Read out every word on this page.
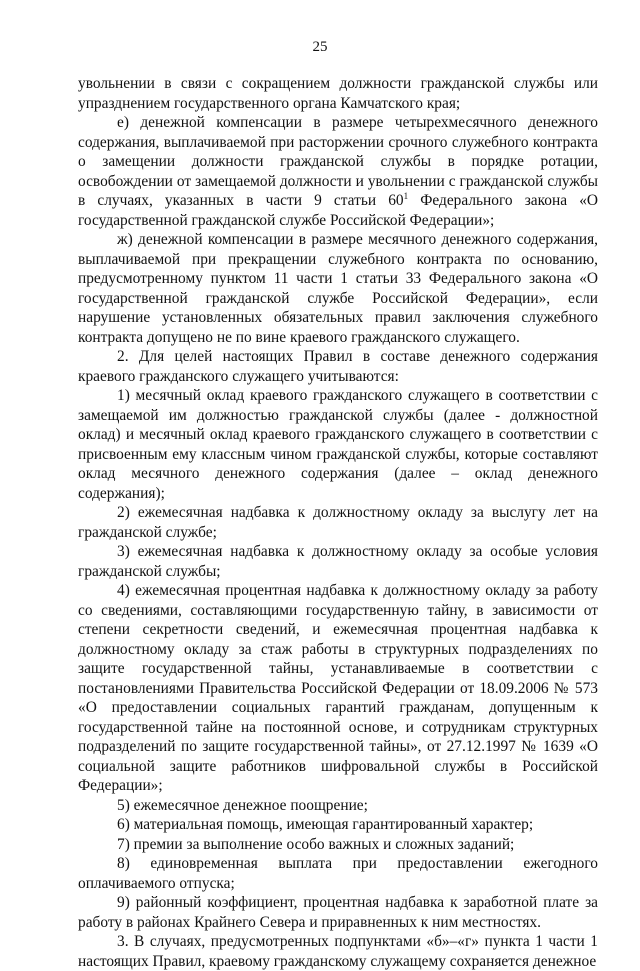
25

увольнении в связи с сокращением должности гражданской службы или упразднением государственного органа Камчатского края;

е) денежной компенсации в размере четырехмесячного денежного содержания, выплачиваемой при расторжении срочного служебного контракта о замещении должности гражданской службы в порядке ротации, освобождении от замещаемой должности и увольнении с гражданской службы в случаях, указанных в части 9 статьи $60^1$ Федерального закона «О государственной гражданской службе Российской Федерации»;

ж) денежной компенсации в размере месячного денежного содержания, выплачиваемой при прекращении служебного контракта по основанию, предусмотренному пунктом 11 части 1 статьи 33 Федерального закона «О государственной гражданской службе Российской Федерации», если нарушение установленных обязательных правил заключения служебного контракта допущено не по вине краевого гражданского служащего.

2. Для целей настоящих Правил в составе денежного содержания краевого гражданского служащего учитываются:

1) месячный оклад краевого гражданского служащего в соответствии с замещаемой им должностью гражданской службы (далее - должностной оклад) и месячный оклад краевого гражданского служащего в соответствии с присвоенным ему классным чином гражданской службы, которые составляют оклад месячного денежного содержания (далее – оклад денежного содержания);

2) ежемесячная надбавка к должностному окладу за выслугу лет на гражданской службе;

3) ежемесячная надбавка к должностному окладу за особые условия гражданской службы;

4) ежемесячная процентная надбавка к должностному окладу за работу со сведениями, составляющими государственную тайну, в зависимости от степени секретности сведений, и ежемесячная процентная надбавка к должностному окладу за стаж работы в структурных подразделениях по защите государственной тайны, устанавливаемые в соответствии с постановлениями Правительства Российской Федерации от 18.09.2006 № 573 «О предоставлении социальных гарантий гражданам, допущенным к государственной тайне на постоянной основе, и сотрудникам структурных подразделений по защите государственной тайны», от 27.12.1997 № 1639 «О социальной защите работников шифровальной службы в Российской Федерации»;

5) ежемесячное денежное поощрение;

6) материальная помощь, имеющая гарантированный характер;

7) премии за выполнение особо важных и сложных заданий;

8) единовременная выплата при предоставлении ежегодного оплачиваемого отпуска;

9) районный коэффициент, процентная надбавка к заработной плате за работу в районах Крайнего Севера и приравненных к ним местностях.

3. В случаях, предусмотренных подпунктами «б»–«г» пункта 1 части 1 настоящих Правил, краевому гражданскому служащему сохраняется денежное
